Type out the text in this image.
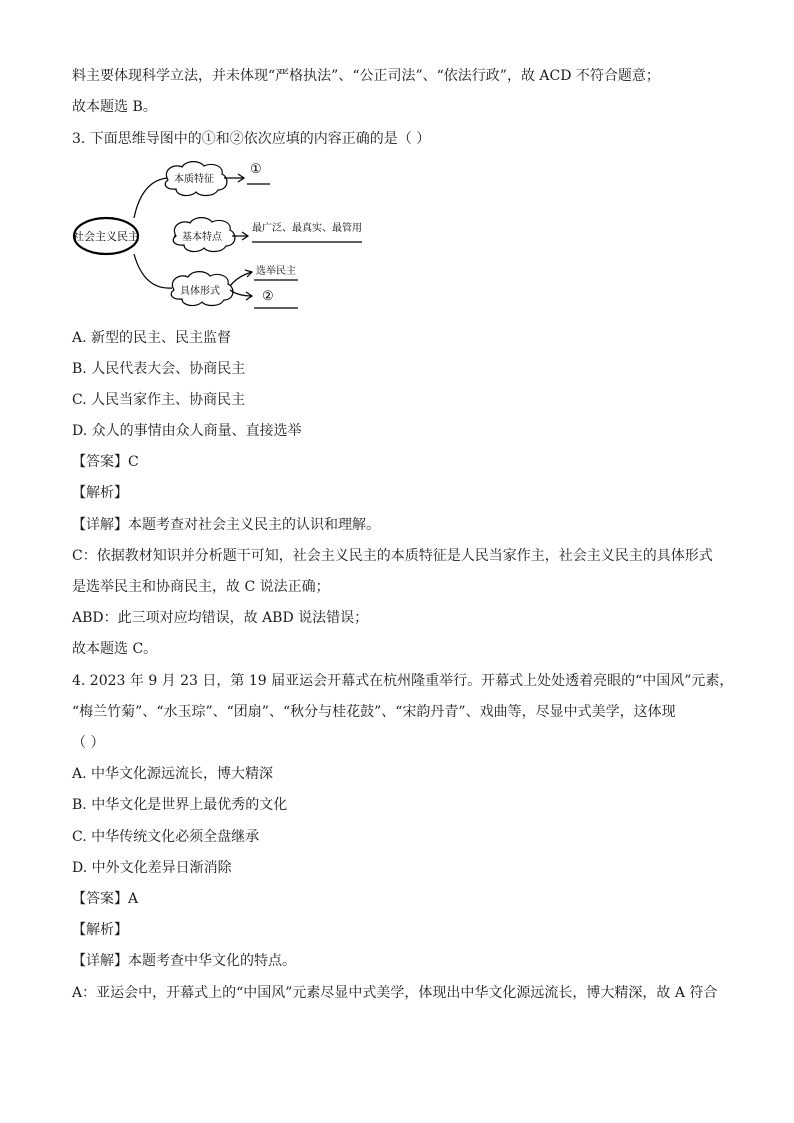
料主要体现科学立法，并未体现“严格执法”、“公正司法”、“依法行政”，故 ACD 不符合题意；
故本题选 B。
3. 下面思维导图中的①和②依次应填的内容正确的是（ ）
社会主义民主
本质特征
基本特点
具体形式
①
最广泛、最真实、最管用
选举民主
②
A. 新型的民主、民主监督
B. 人民代表大会、协商民主
C. 人民当家作主、协商民主
D. 众人的事情由众人商量、直接选举
【答案】C
【解析】
【详解】本题考查对社会主义民主的认识和理解。
C：依据教材知识并分析题干可知，社会主义民主的本质特征是人民当家作主，社会主义民主的具体形式
是选举民主和协商民主，故 C 说法正确；
ABD：此三项对应均错误，故 ABD 说法错误；
故本题选 C。
4. 2023 年 9 月 23 日，第 19 届亚运会开幕式在杭州隆重举行。开幕式上处处透着亮眼的“中国风”元素，
“梅兰竹菊”、“水玉琮”、“团扇”、“秋分与桂花鼓”、“宋韵丹青”、戏曲等，尽显中式美学，这体现
（ ）
A. 中华文化源远流长，博大精深
B. 中华文化是世界上最优秀的文化
C. 中华传统文化必须全盘继承
D. 中外文化差异日渐消除
【答案】A
【解析】
【详解】本题考查中华文化的特点。
A：亚运会中，开幕式上的“中国风”元素尽显中式美学，体现出中华文化源远流长，博大精深，故 A 符合
